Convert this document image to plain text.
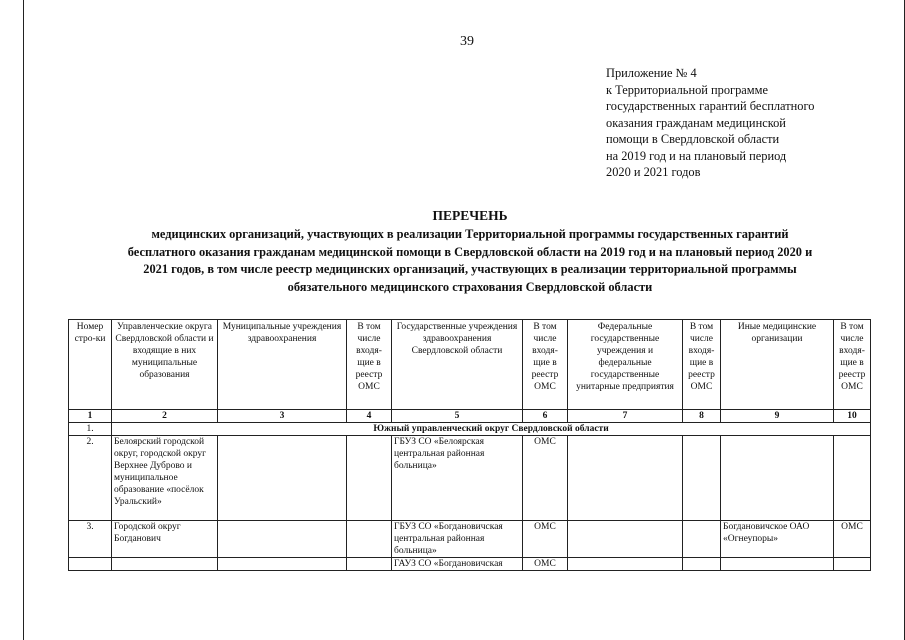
39
Приложение № 4
к Территориальной программе
государственных гарантий бесплатного
оказания гражданам медицинской
помощи в Свердловской области
на 2019 год и на плановый период
2020 и 2021 годов
ПЕРЕЧЕНЬ
медицинских организаций, участвующих в реализации Территориальной программы государственных гарантий
бесплатного оказания гражданам медицинской помощи в Свердловской области на 2019 год и на плановый период 2020 и
2021 годов, в том числе реестр медицинских организаций, участвующих в реализации территориальной программы
обязательного медицинского страхования Свердловской области
Номер стро-ки	Управленческие округа Свердловской области и входящие в них муниципальные образования	Муниципальные учреждения здравоохранения	В том числе входя-щие в реестр ОМС	Государственные учреждения здравоохранения Свердловской области	В том числе входя-щие в реестр ОМС	Федеральные государственные учреждения и федеральные государственные унитарные предприятия	В том числе входя-щие в реестр ОМС	Иные медицинские организации	В том числе входя-щие в реестр ОМС
1	2	3	4	5	6	7	8	9	10
1.	Южный управленческий округ Свердловской области								
2.	Белоярский городской округ, городской округ Верхнее Дуброво и муниципальное образование «посёлок Уральский»			ГБУЗ СО «Белоярская центральная районная больница»	ОМС				
3.	Городской округ Богданович			ГБУЗ СО «Богдановичская центральная районная больница»	ОМС			Богдановичское ОАО «Огнеупоры»	ОМС
				ГАУЗ СО «Богдановичская	ОМС				
